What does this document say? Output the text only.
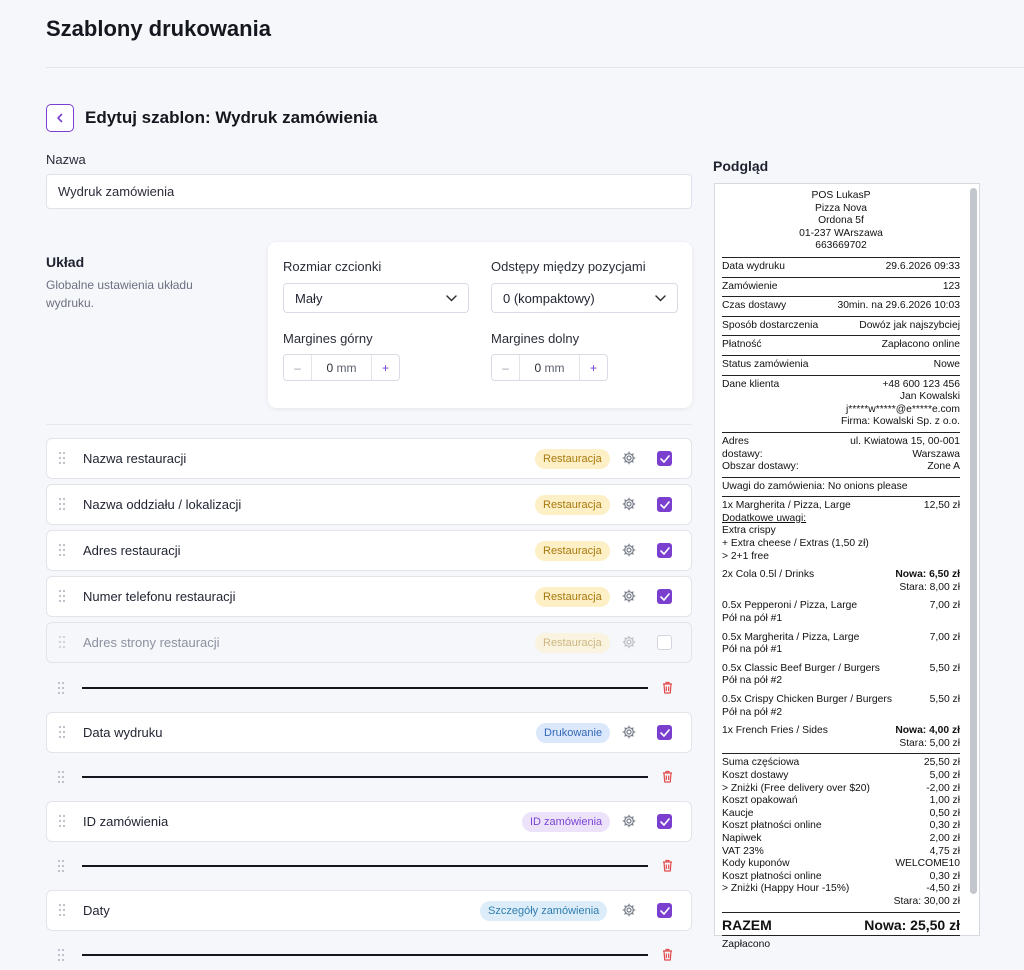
Szablony drukowania
Edytuj szablon: Wydruk zamówienia
Nazwa
Wydruk zamówienia
Układ
Globalne ustawienia układu wydruku.
Rozmiar czcionki
Mały
Odstępy między pozycjami
0 (kompaktowy)
Margines górny
–	0 mm	+
Margines dolny
–	0 mm	+
Nazwa restauracji	Restauracja
Nazwa oddziału / lokalizacji	Restauracja
Adres restauracji	Restauracja
Numer telefonu restauracji	Restauracja
Adres strony restauracji	Restauracja
Data wydruku	Drukowanie
ID zamówienia	ID zamówienia
Daty	Szczegóły zamówienia
Podgląd
POS LukasP
Pizza Nova
Ordona 5f
01-237 WArszawa
663669702
Data wydruku	29.6.2026 09:33
Zamówienie	123
Czas dostawy	30min. na 29.6.2026 10:03
Sposób dostarczenia	Dowóz jak najszybciej
Płatność	Zapłacono online
Status zamówienia	Nowe
Dane klienta	+48 600 123 456
Jan Kowalski
j*****w*****@e*****e.com
Firma: Kowalski Sp. z o.o.
Adres	ul. Kwiatowa 15, 00-001
dostawy:	Warszawa
Obszar dostawy:	Zone A
Uwagi do zamówienia: No onions please
1x Margherita / Pizza, Large	12,50 zł
Dodatkowe uwagi:
Extra crispy
+ Extra cheese / Extras (1,50 zł)
> 2+1 free
2x Cola 0.5l / Drinks	Nowa: 6,50 zł
Stara: 8,00 zł
0.5x Pepperoni / Pizza, Large	7,00 zł
Pół na pół #1
0.5x Margherita / Pizza, Large	7,00 zł
Pół na pół #1
0.5x Classic Beef Burger / Burgers	5,50 zł
Pół na pół #2
0.5x Crispy Chicken Burger / Burgers	5,50 zł
Pół na pół #2
1x French Fries / Sides	Nowa: 4,00 zł
Stara: 5,00 zł
Suma częściowa	25,50 zł
Koszt dostawy	5,00 zł
> Zniżki (Free delivery over $20)	-2,00 zł
Koszt opakowań	1,00 zł
Kaucje	0,50 zł
Koszt płatności online	0,30 zł
Napiwek	2,00 zł
VAT 23%	4,75 zł
Kody kuponów	WELCOME10
Koszt płatności online	0,30 zł
> Zniżki (Happy Hour -15%)	-4,50 zł
Stara: 30,00 zł
RAZEM	Nowa: 25,50 zł
Zapłacono
